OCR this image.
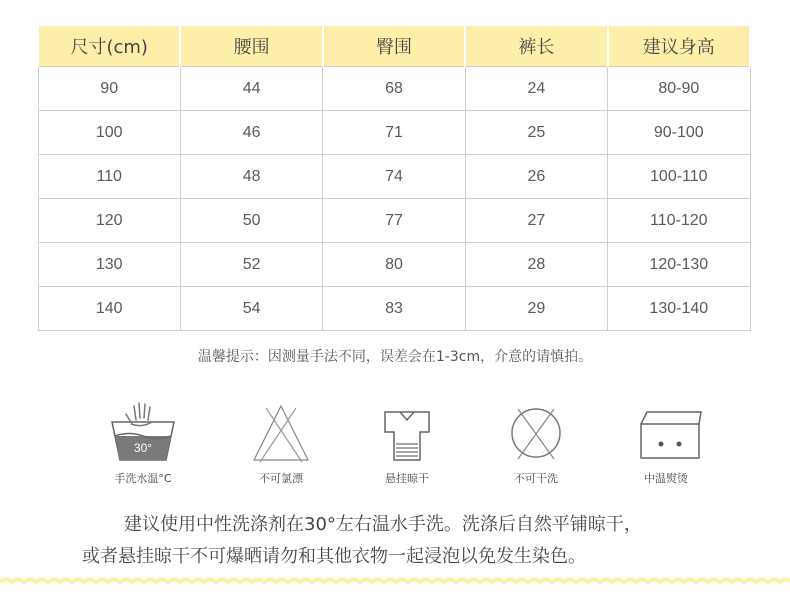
尺寸(cm)	腰围	臀围	裤长	建议身高
90	44	68	24	80-90
100	46	71	25	90-100
110	48	74	26	100-110
120	50	77	27	110-120
130	52	80	28	120-130
140	54	83	29	130-140
温馨提示：因测量手法不同，误差会在1-3cm，介意的请慎拍。
30°
手洗水温°C	不可氯漂	悬挂晾干	不可干洗	中温熨烫
建议使用中性洗涤剂在30°左右温水手洗。洗涤后自然平铺晾干，
或者悬挂晾干不可爆晒请勿和其他衣物一起浸泡以免发生染色。
